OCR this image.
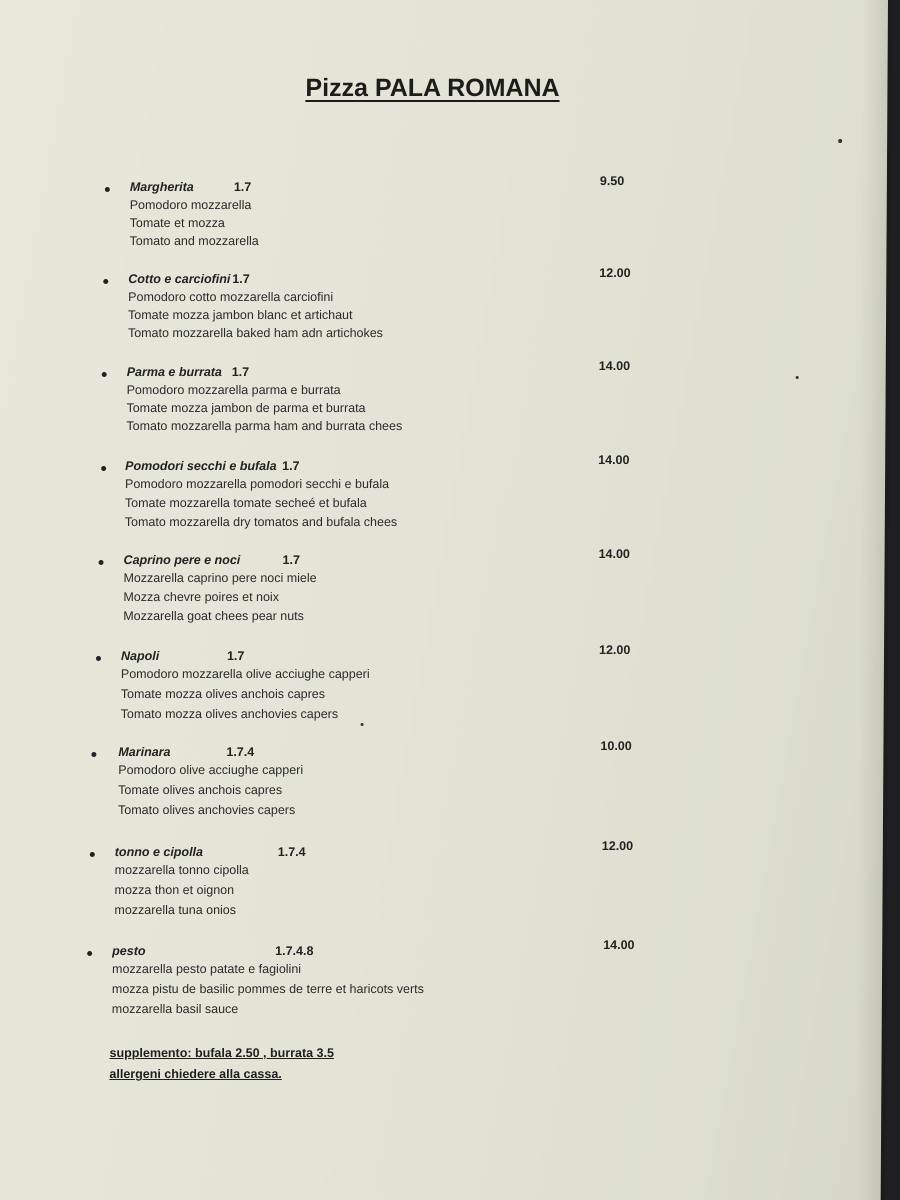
Pizza PALA ROMANA
Margherita	1.7	9.50
Pomodoro mozzarella
Tomate et mozza
Tomato and mozzarella
Cotto e carciofini 1.7	12.00
Pomodoro cotto mozzarella carciofini
Tomate mozza jambon blanc et artichaut
Tomato mozzarella baked ham adn artichokes
Parma e burrata 1.7	14.00
Pomodoro mozzarella parma e burrata
Tomate mozza jambon de parma et burrata
Tomato mozzarella parma ham and burrata chees
Pomodori secchi e bufala 1.7	14.00
Pomodoro mozzarella pomodori secchi e bufala
Tomate mozzarella tomate secheé et bufala
Tomato mozzarella dry tomatos and bufala chees
Caprino pere e noci	1.7	14.00
Mozzarella caprino pere noci miele
Mozza chevre poires et noix
Mozzarella goat chees pear nuts
Napoli	1.7	12.00
Pomodoro mozzarella olive acciughe capperi
Tomate mozza olives anchois capres
Tomato mozza olives anchovies capers
Marinara	1.7.4	10.00
Pomodoro olive acciughe capperi
Tomate olives anchois capres
Tomato olives anchovies capers
tonno e cipolla	1.7.4	12.00
mozzarella tonno cipolla
mozza thon et oignon
mozzarella tuna onios
pesto	1.7.4.8	14.00
mozzarella pesto patate e fagiolini
mozza pistu de basilic pommes de terre et haricots verts
mozzarella basil sauce
supplemento: bufala 2.50 , burrata 3.5
allergeni chiedere alla cassa.
